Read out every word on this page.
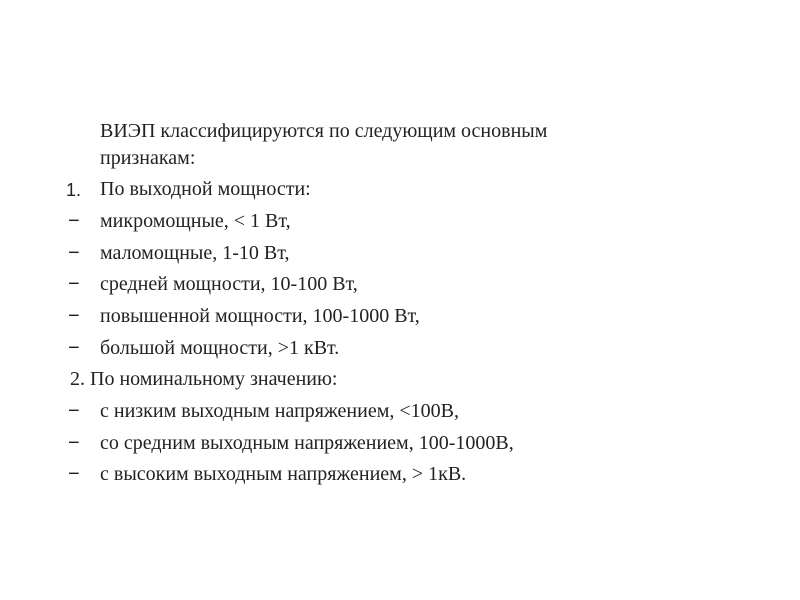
ВИЭП классифицируются по следующим основным
признакам:
1. По выходной мощности:
− микромощные, < 1 Вт,
− маломощные, 1-10 Вт,
− средней мощности, 10-100 Вт,
− повышенной мощности, 100-1000 Вт,
− большой мощности, >1 кВт.
2. По номинальному значению:
− с низким выходным напряжением, <100В,
− со средним выходным напряжением, 100-1000В,
− с высоким выходным напряжением, > 1кВ.
